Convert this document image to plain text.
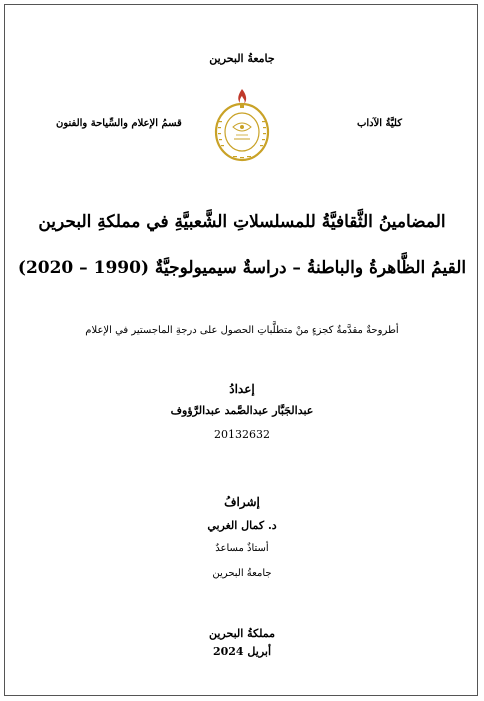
جامعةُ البحرين
كليَّةُ الآداب
قسمُ الإعلام والسِّياحة والفنون
المضامينُ الثَّقافيَّةُ للمسلسلاتِ الشَّعبيَّةِ في مملكةِ البحرين
القيمُ الظَّاهرةُ والباطنةُ – دراسةٌ سيميولوجيَّةٌ (1990 – 2020)
أطروحةٌ مقدَّمةٌ كجزءٍ منْ متطلَّباتِ الحصول على درجةِ الماجستير في الإعلام
إعدادُ
عبدالجَبَّار عبدالصَّمد عبدالرَّؤوف
20132632
إشرافُ
د. كمال الغربي
أستاذٌ مساعدٌ
جامعةُ البحرين
مملكةُ البحرين
أبريل 2024
